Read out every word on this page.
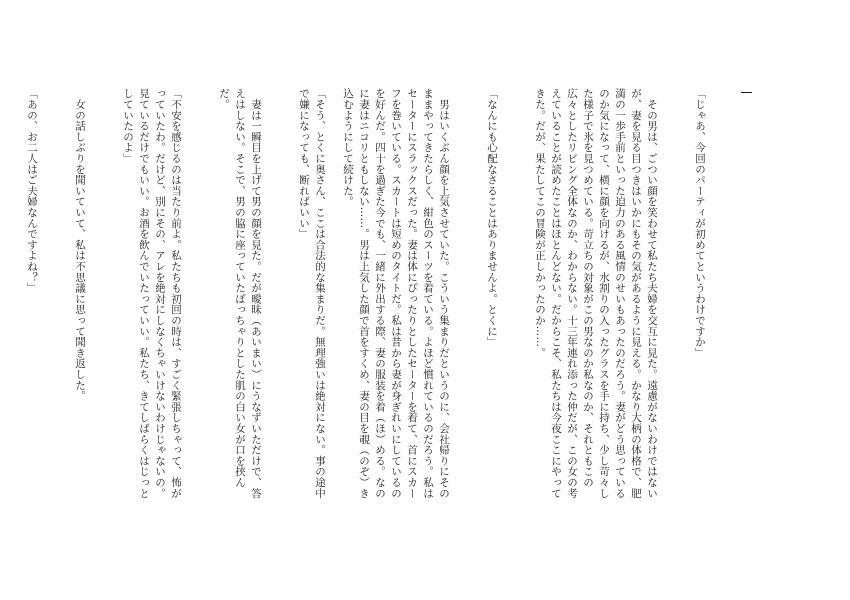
「じゃあ、今回のパーティが初めてというわけですか」

　その男は、ごつい顔を笑わせて私たち夫婦を交互に見た。遠慮がないわけではないが、妻を見る目つきはいかにもその気があるように見える。かなり大柄の体格で、肥満の一歩手前といった迫力のある風情のせいもあったのだろう。妻がどう思っているのか気になって、横に顔を向けるが、水割りの入ったグラスを手に持ち、少し苛々した様子で氷を見つめている。苛立ちの対象がこの男なのか私なのか、それともこの広々としたリビング全体なのか、わからない。十三年連れ添った仲だが、この女の考えていることが読めたことはほとんどない。だからこそ、私たちは今夜ここにやってきた。だが、果たしてこの冒険が正しかったのか……。

「なんにも心配なさることはありませんよ。とくに」

　男はいくぶん顔を上気させていた。こういう集まりだというのに、会社帰りにそのままやってきたらしく、紺色のスーツを着ている。よほど慣れているのだろう。私はセーターにスラックスだった。妻は体にぴったりとしたセーターを着て、首にスカーフを巻いている。スカートは短めのタイトだ。私は昔から妻が身ぎれいにしているのを好んだ。四十を過ぎた今でも、一緒に外出する際、妻の服装を着（ほ）める。なのに妻はニコリともしない……。男は上気した顔で首をすくめ、妻の目を覗（のぞ）き込むようにして続けた。

「そう、とくに奥さん、ここは合法的な集まりだ。無理強いは絶対にない。事の途中で嫌になっても、断ればいい」

　妻は一瞬目を上げて男の顔を見た。だが曖昧（あいまい）にうなずいただけで、答えはしない。そこで、男の脇に座っていたぽっちゃりとした肌の白い女が口を挟んだ。

「不安を感じるのは当たり前よ。私たちも初回の時は、すごく緊張しちゃって、怖がっていたわ。だけど、別にその、アレを絶対にしなくちゃいけないわけじゃないの。見ているだけでもいい。お酒を飲んでいたっていい。私たち、きてしばらくはじっとしていたのよ」

　女の話しぶりを聞いていて、私は不思議に思って聞き返した。

「あの、お二人はご夫婦なんですよね？」
